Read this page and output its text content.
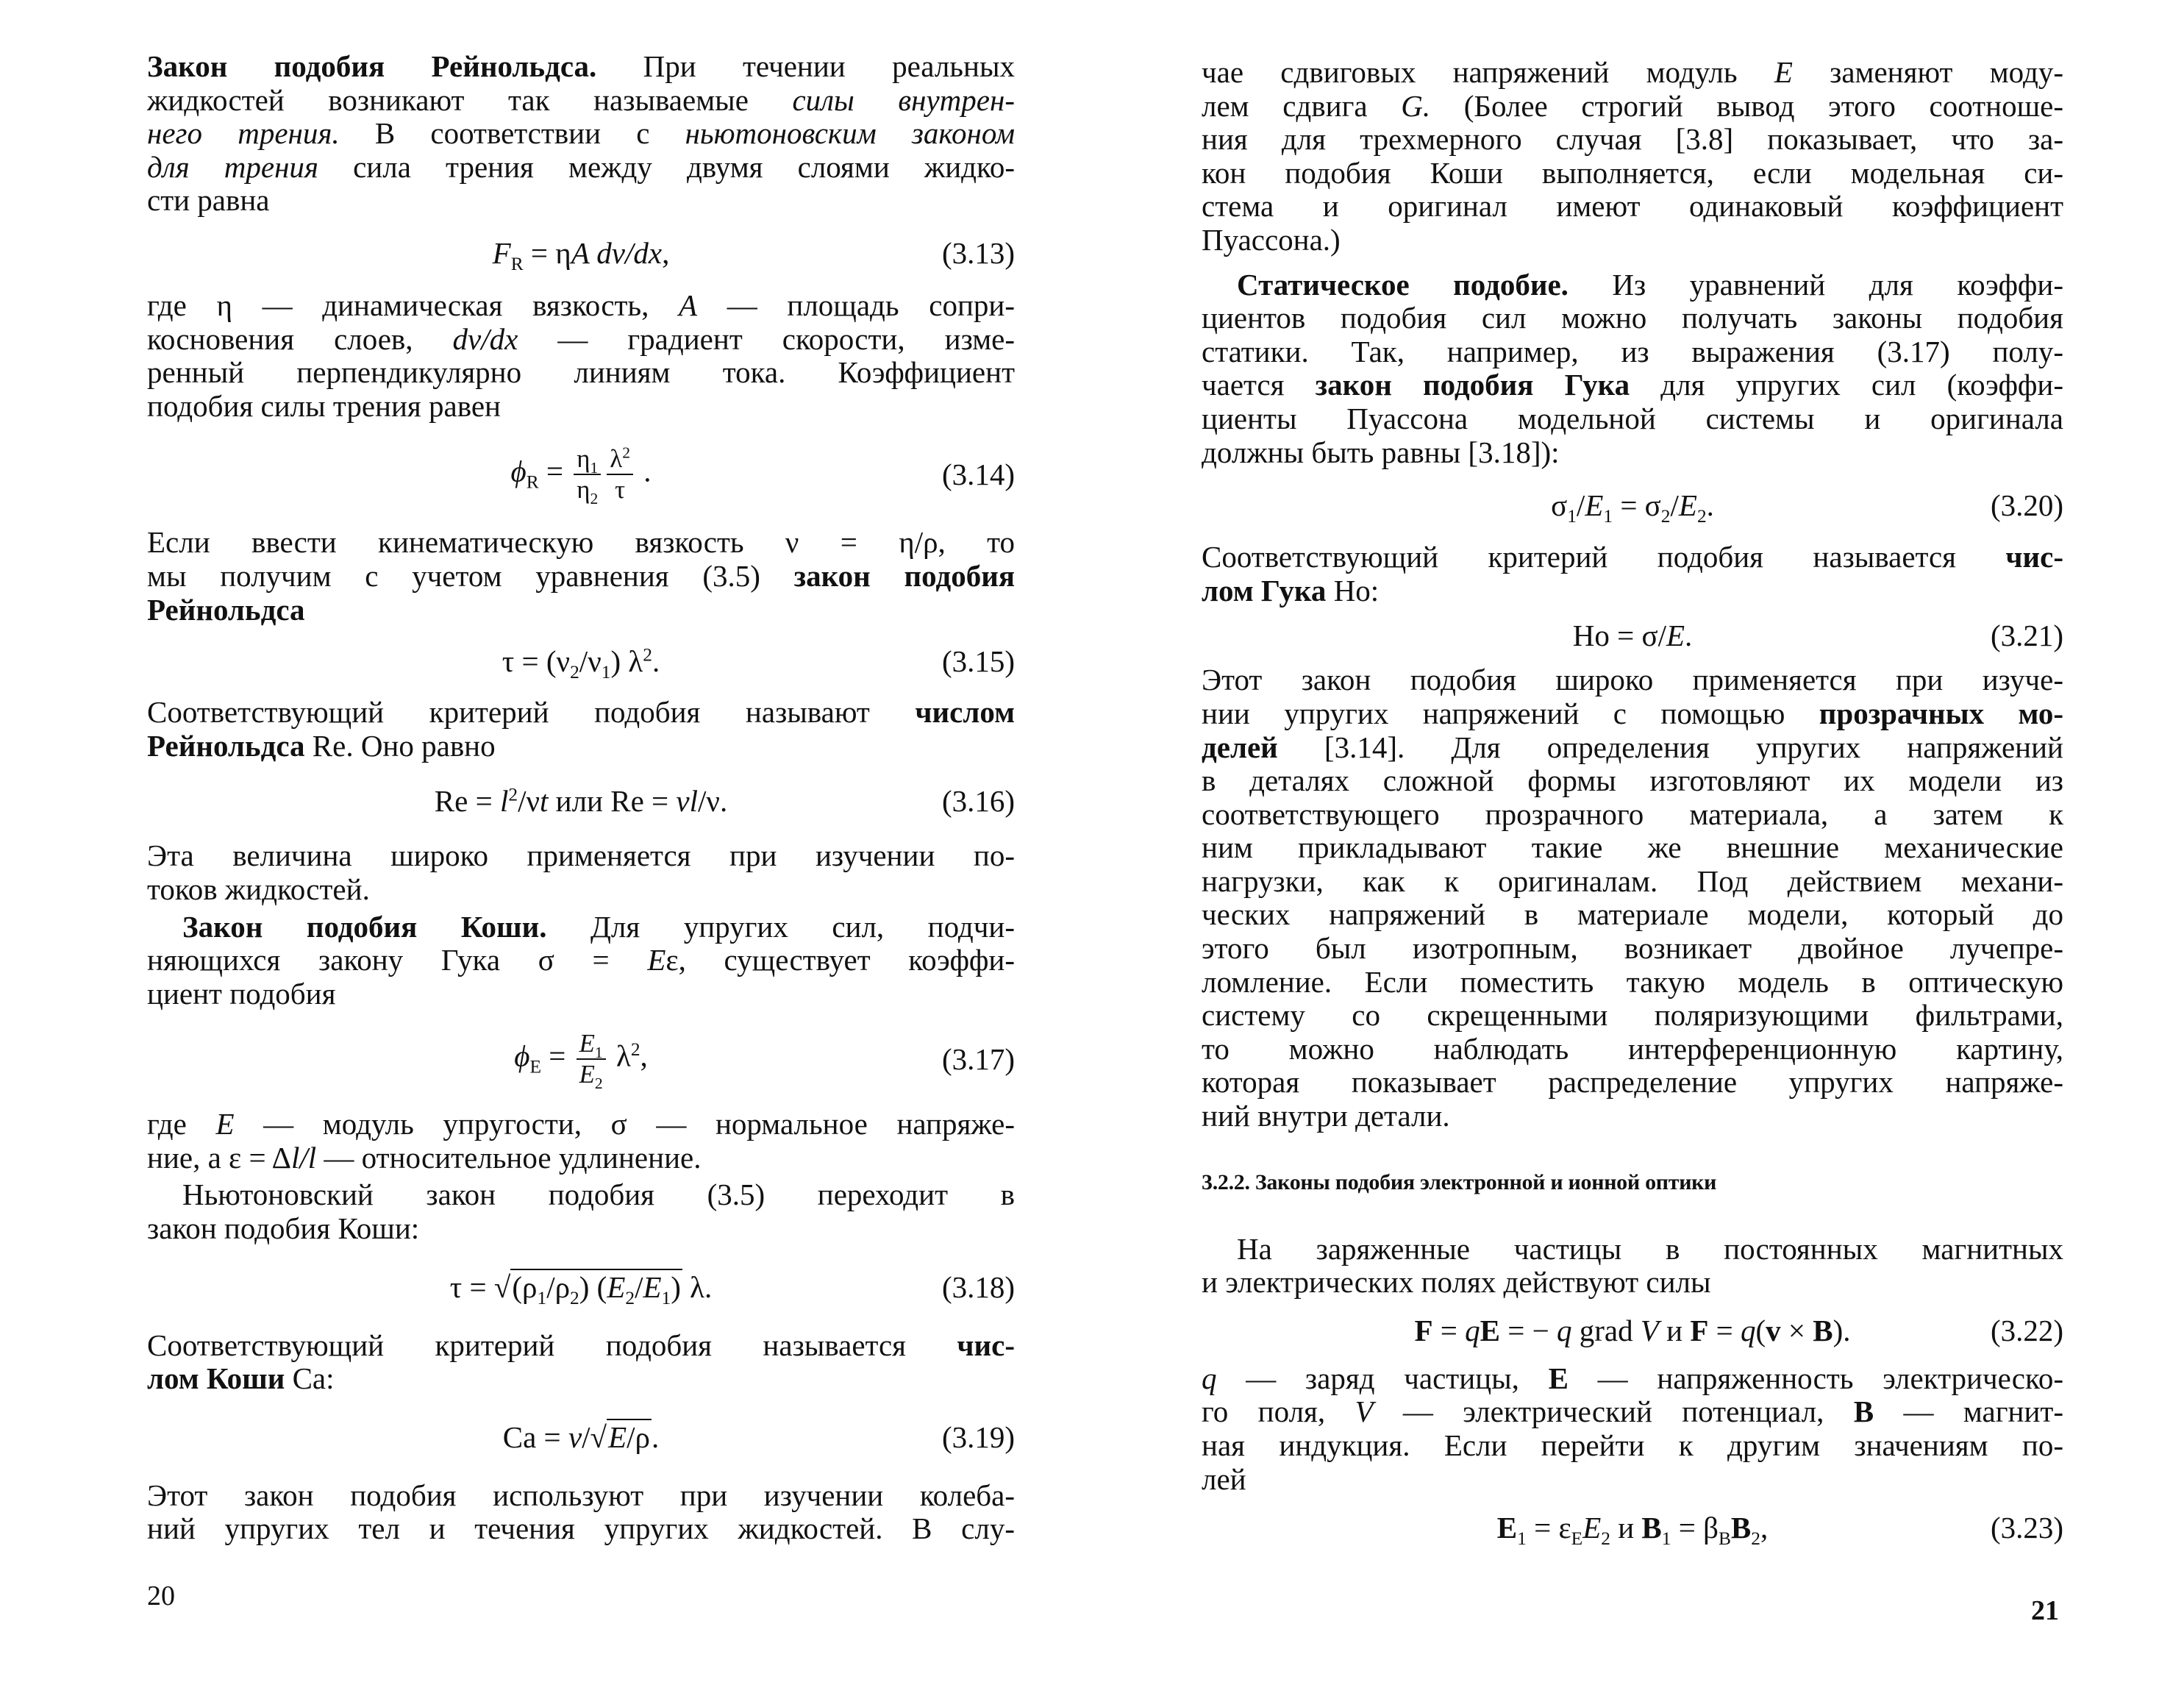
Закон подобия Рейнольдса. При течении реальных
жидкостей возникают так называемые силы внутрен-
него трения. В соответствии с ньютоновским законом
для трения сила трения между двумя слоями жидко-
сти равна
$F_R = \eta A$ dv/dx,	(3.13)
где η — динамическая вязкость, A — площадь сопри-
косновения слоев, dv/dx — градиент скорости, изме-
ренный перпендикулярно линиям тока. Коэффициент
подобия силы трения равен
$\phi_R = \frac{\eta_1}{\eta_2} \frac{\lambda^2}{\tau}$ .	(3.14)
Если ввести кинематическую вязкость ν = η/ρ, то
мы получим с учетом уравнения (3.5) закон подобия
Рейнольдса
$\tau = (\nu_2/\nu_1)$ $\lambda^2$.	(3.15)
Соответствующий критерий подобия называют числом
Рейнольдса Re. Оно равно
$Re = l^2/\nu t$ или Re = vl/ν.	(3.16)
Эта величина широко применяется при изучении по-
токов жидкостей.
Закон подобия Коши. Для упругих сил, подчи-
няющихся закону Гука σ = Eε, существует коэффи-
циент подобия
$\phi_E = \frac{E_1}{E_2} \lambda^2$,	(3.17)
где E — модуль упругости, σ — нормальное напряже-
ние, а ε = Δl/l — относительное удлинение.
Ньютоновский закон подобия (3.5) переходит в
закон подобия Коши:
$\tau = √(\rho_1/\rho_2)$ $(E_2/E_1)$ λ.	(3.18)
Соответствующий критерий подобия называется чис-
лом Коши Ca:
Ca = v/√E/ρ.	(3.19)
Этот закон подобия используют при изучении колеба-
ний упругих тел и течения упругих жидкостей. В слу-
20
чае сдвиговых напряжений модуль E заменяют моду-
лем сдвига G. (Более строгий вывод этого соотноше-
ния для трехмерного случая [3.8] показывает, что за-
кон подобия Коши выполняется, если модельная си-
стема и оригинал имеют одинаковый коэффициент
Пуассона.)
Статическое подобие. Из уравнений для коэффи-
циентов подобия сил можно получать законы подобия
статики. Так, например, из выражения (3.17) полу-
чается закон подобия Гука для упругих сил (коэффи-
циенты Пуассона модельной системы и оригинала
должны быть равны [3.18]):
$\sigma_1/E_1 = \sigma_2/E_2$.	(3.20)
Соответствующий критерий подобия называется чис-
лом Гука Ho:
Ho = σ/E.	(3.21)
Этот закон подобия широко применяется при изуче-
нии упругих напряжений с помощью прозрачных мо-
делей [3.14]. Для определения упругих напряжений
в деталях сложной формы изготовляют их модели из
соответствующего прозрачного материала, а затем к
ним прикладывают такие же внешние механические
нагрузки, как к оригиналам. Под действием механи-
ческих напряжений в материале модели, который до
этого был изотропным, возникает двойное лучепре-
ломление. Если поместить такую модель в оптическую
систему со скрещенными поляризующими фильтрами,
то можно наблюдать интерференционную картину,
которая показывает распределение упругих напряже-
ний внутри детали.
3.2.2. Законы подобия электронной и ионной оптики
На заряженные частицы в постоянных магнитных
и электрических полях действуют силы
F = qE = − q grad V и F = q(v × B).	(3.22)
q — заряд частицы, E — напряженность электрическо-
го поля, V — электрический потенциал, B — магнит-
ная индукция. Если перейти к другим значениям по-
лей
$E_1 = \varepsilon_EE_2$ и $B_1 = \beta_BB_2$,	(3.23)
21
